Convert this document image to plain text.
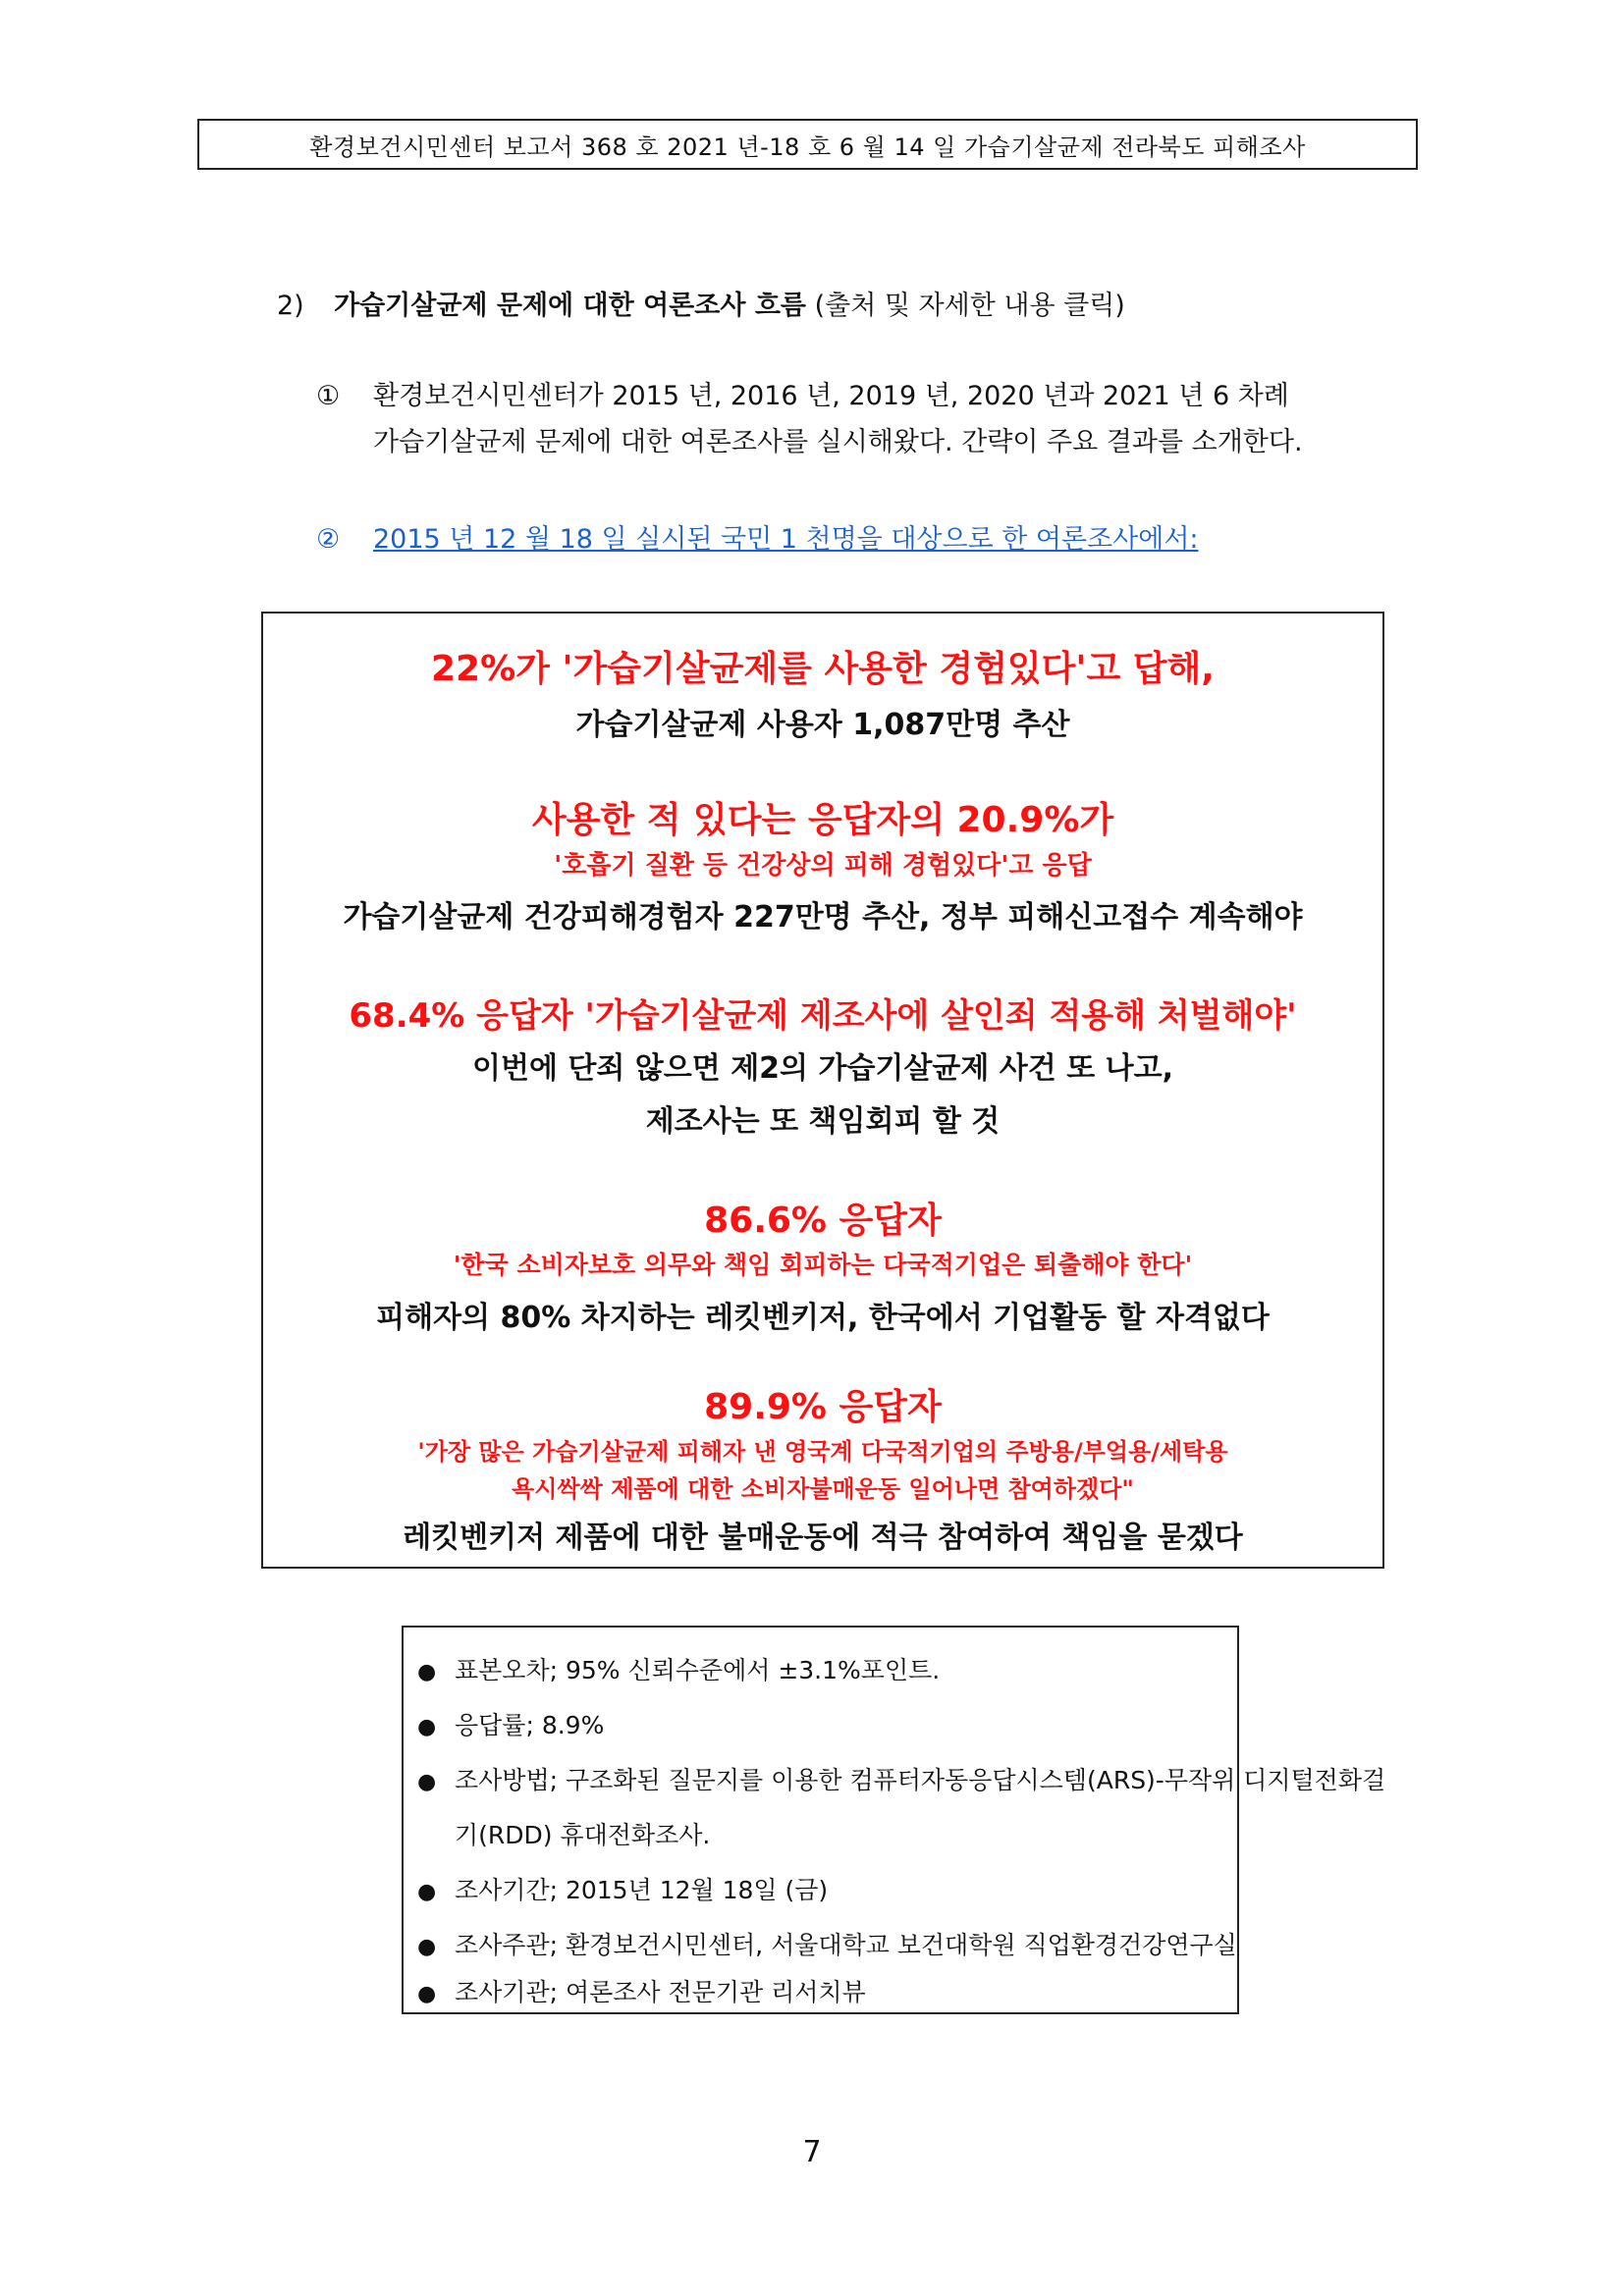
환경보건시민센터 보고서 368 호 2021 년-18 호 6 월 14 일 가습기살균제 전라북도 피해조사
2) 가습기살균제 문제에 대한 여론조사 흐름 (출처 및 자세한 내용 클릭)
① 환경보건시민센터가 2015 년, 2016 년, 2019 년, 2020 년과 2021 년 6 차례
가습기살균제 문제에 대한 여론조사를 실시해왔다. 간략이 주요 결과를 소개한다.
② 2015 년 12 월 18 일 실시된 국민 1 천명을 대상으로 한 여론조사에서:
22%가 '가습기살균제를 사용한 경험있다'고 답해,
가습기살균제 사용자 1,087만명 추산
사용한 적 있다는 응답자의 20.9%가
'호흡기 질환 등 건강상의 피해 경험있다'고 응답
가습기살균제 건강피해경험자 227만명 추산, 정부 피해신고접수 계속해야
68.4% 응답자 '가습기살균제 제조사에 살인죄 적용해 처벌해야'
이번에 단죄 않으면 제2의 가습기살균제 사건 또 나고,
제조사는 또 책임회피 할 것
86.6% 응답자
'한국 소비자보호 의무와 책임 회피하는 다국적기업은 퇴출해야 한다'
피해자의 80% 차지하는 레킷벤키저, 한국에서 기업활동 할 자격없다
89.9% 응답자
'가장 많은 가습기살균제 피해자 낸 영국계 다국적기업의 주방용/부엌용/세탁용
욕시싹싹 제품에 대한 소비자불매운동 일어나면 참여하겠다"
레킷벤키저 제품에 대한 불매운동에 적극 참여하여 책임을 묻겠다
● 표본오차; 95% 신뢰수준에서 ±3.1%포인트.
● 응답률; 8.9%
● 조사방법; 구조화된 질문지를 이용한 컴퓨터자동응답시스템(ARS)-무작위 디지털전화걸
기(RDD) 휴대전화조사.
● 조사기간; 2015년 12월 18일 (금)
● 조사주관; 환경보건시민센터, 서울대학교 보건대학원 직업환경건강연구실
● 조사기관; 여론조사 전문기관 리서치뷰
7
